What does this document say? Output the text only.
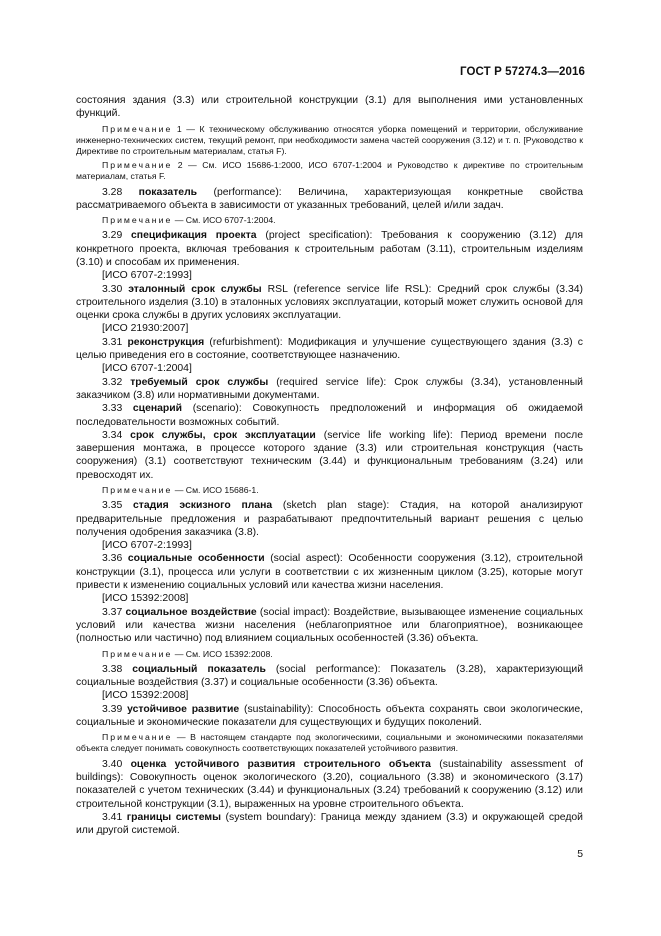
ГОСТ Р 57274.3—2016

состояния здания (3.3) или строительной конструкции (3.1) для выполнения ими установленных функций.

Примечание 1 — К техническому обслуживанию относятся уборка помещений и территории, обслуживание инженерно-технических систем, текущий ремонт, при необходимости замена частей сооружения (3.12) и т. п. [Руководство к Директиве по строительным материалам, статья F).

Примечание 2 — См. ИСО 15686-1:2000, ИСО 6707-1:2004 и Руководство к директиве по строительным материалам, статья F.

3.28 показатель (performance): Величина, характеризующая конкретные свойства рассматриваемого объекта в зависимости от указанных требований, целей и/или задач.

Примечание — См. ИСО 6707-1:2004.

3.29 спецификация проекта (project specification): Требования к сооружению (3.12) для конкретного проекта, включая требования к строительным работам (3.11), строительным изделиям (3.10) и способам их применения.

[ИСО 6707-2:1993]

3.30 эталонный срок службы RSL (reference service life RSL): Средний срок службы (3.34) строительного изделия (3.10) в эталонных условиях эксплуатации, который может служить основой для оценки срока службы в других условиях эксплуатации.

[ИСО 21930:2007]

3.31 реконструкция (refurbishment): Модификация и улучшение существующего здания (3.3) с целью приведения его в состояние, соответствующее назначению.

[ИСО 6707-1:2004]

3.32 требуемый срок службы (required service life): Срок службы (3.34), установленный заказчиком (3.8) или нормативными документами.

3.33 сценарий (scenario): Совокупность предположений и информация об ожидаемой последовательности возможных событий.

3.34 срок службы, срок эксплуатации (service life working life): Период времени после завершения монтажа, в процессе которого здание (3.3) или строительная конструкция (часть сооружения) (3.1) соответствуют техническим (3.44) и функциональным требованиям (3.24) или превосходят их.

Примечание — См. ИСО 15686-1.

3.35 стадия эскизного плана (sketch plan stage): Стадия, на которой анализируют предварительные предложения и разрабатывают предпочтительный вариант решения с целью получения одобрения заказчика (3.8).

[ИСО 6707-2:1993]

3.36 социальные особенности (social aspect): Особенности сооружения (3.12), строительной конструкции (3.1), процесса или услуги в соответствии с их жизненным циклом (3.25), которые могут привести к изменению социальных условий или качества жизни населения.

[ИСО 15392:2008]

3.37 социальное воздействие (social impact): Воздействие, вызывающее изменение социальных условий или качества жизни населения (неблагоприятное или благоприятное), возникающее (полностью или частично) под влиянием социальных особенностей (3.36) объекта.

Примечание — См. ИСО 15392:2008.

3.38 социальный показатель (social performance): Показатель (3.28), характеризующий социальные воздействия (3.37) и социальные особенности (3.36) объекта.

[ИСО 15392:2008]

3.39 устойчивое развитие (sustainability): Способность объекта сохранять свои экологические, социальные и экономические показатели для существующих и будущих поколений.

Примечание — В настоящем стандарте под экологическими, социальными и экономическими показателями объекта следует понимать совокупность соответствующих показателей устойчивого развития.

3.40 оценка устойчивого развития строительного объекта (sustainability assessment of buildings): Совокупность оценок экологического (3.20), социального (3.38) и экономического (3.17) показателей с учетом технических (3.44) и функциональных (3.24) требований к сооружению (3.12) или строительной конструкции (3.1), выраженных на уровне строительного объекта.

3.41 границы системы (system boundary): Граница между зданием (3.3) и окружающей средой или другой системой.

5
